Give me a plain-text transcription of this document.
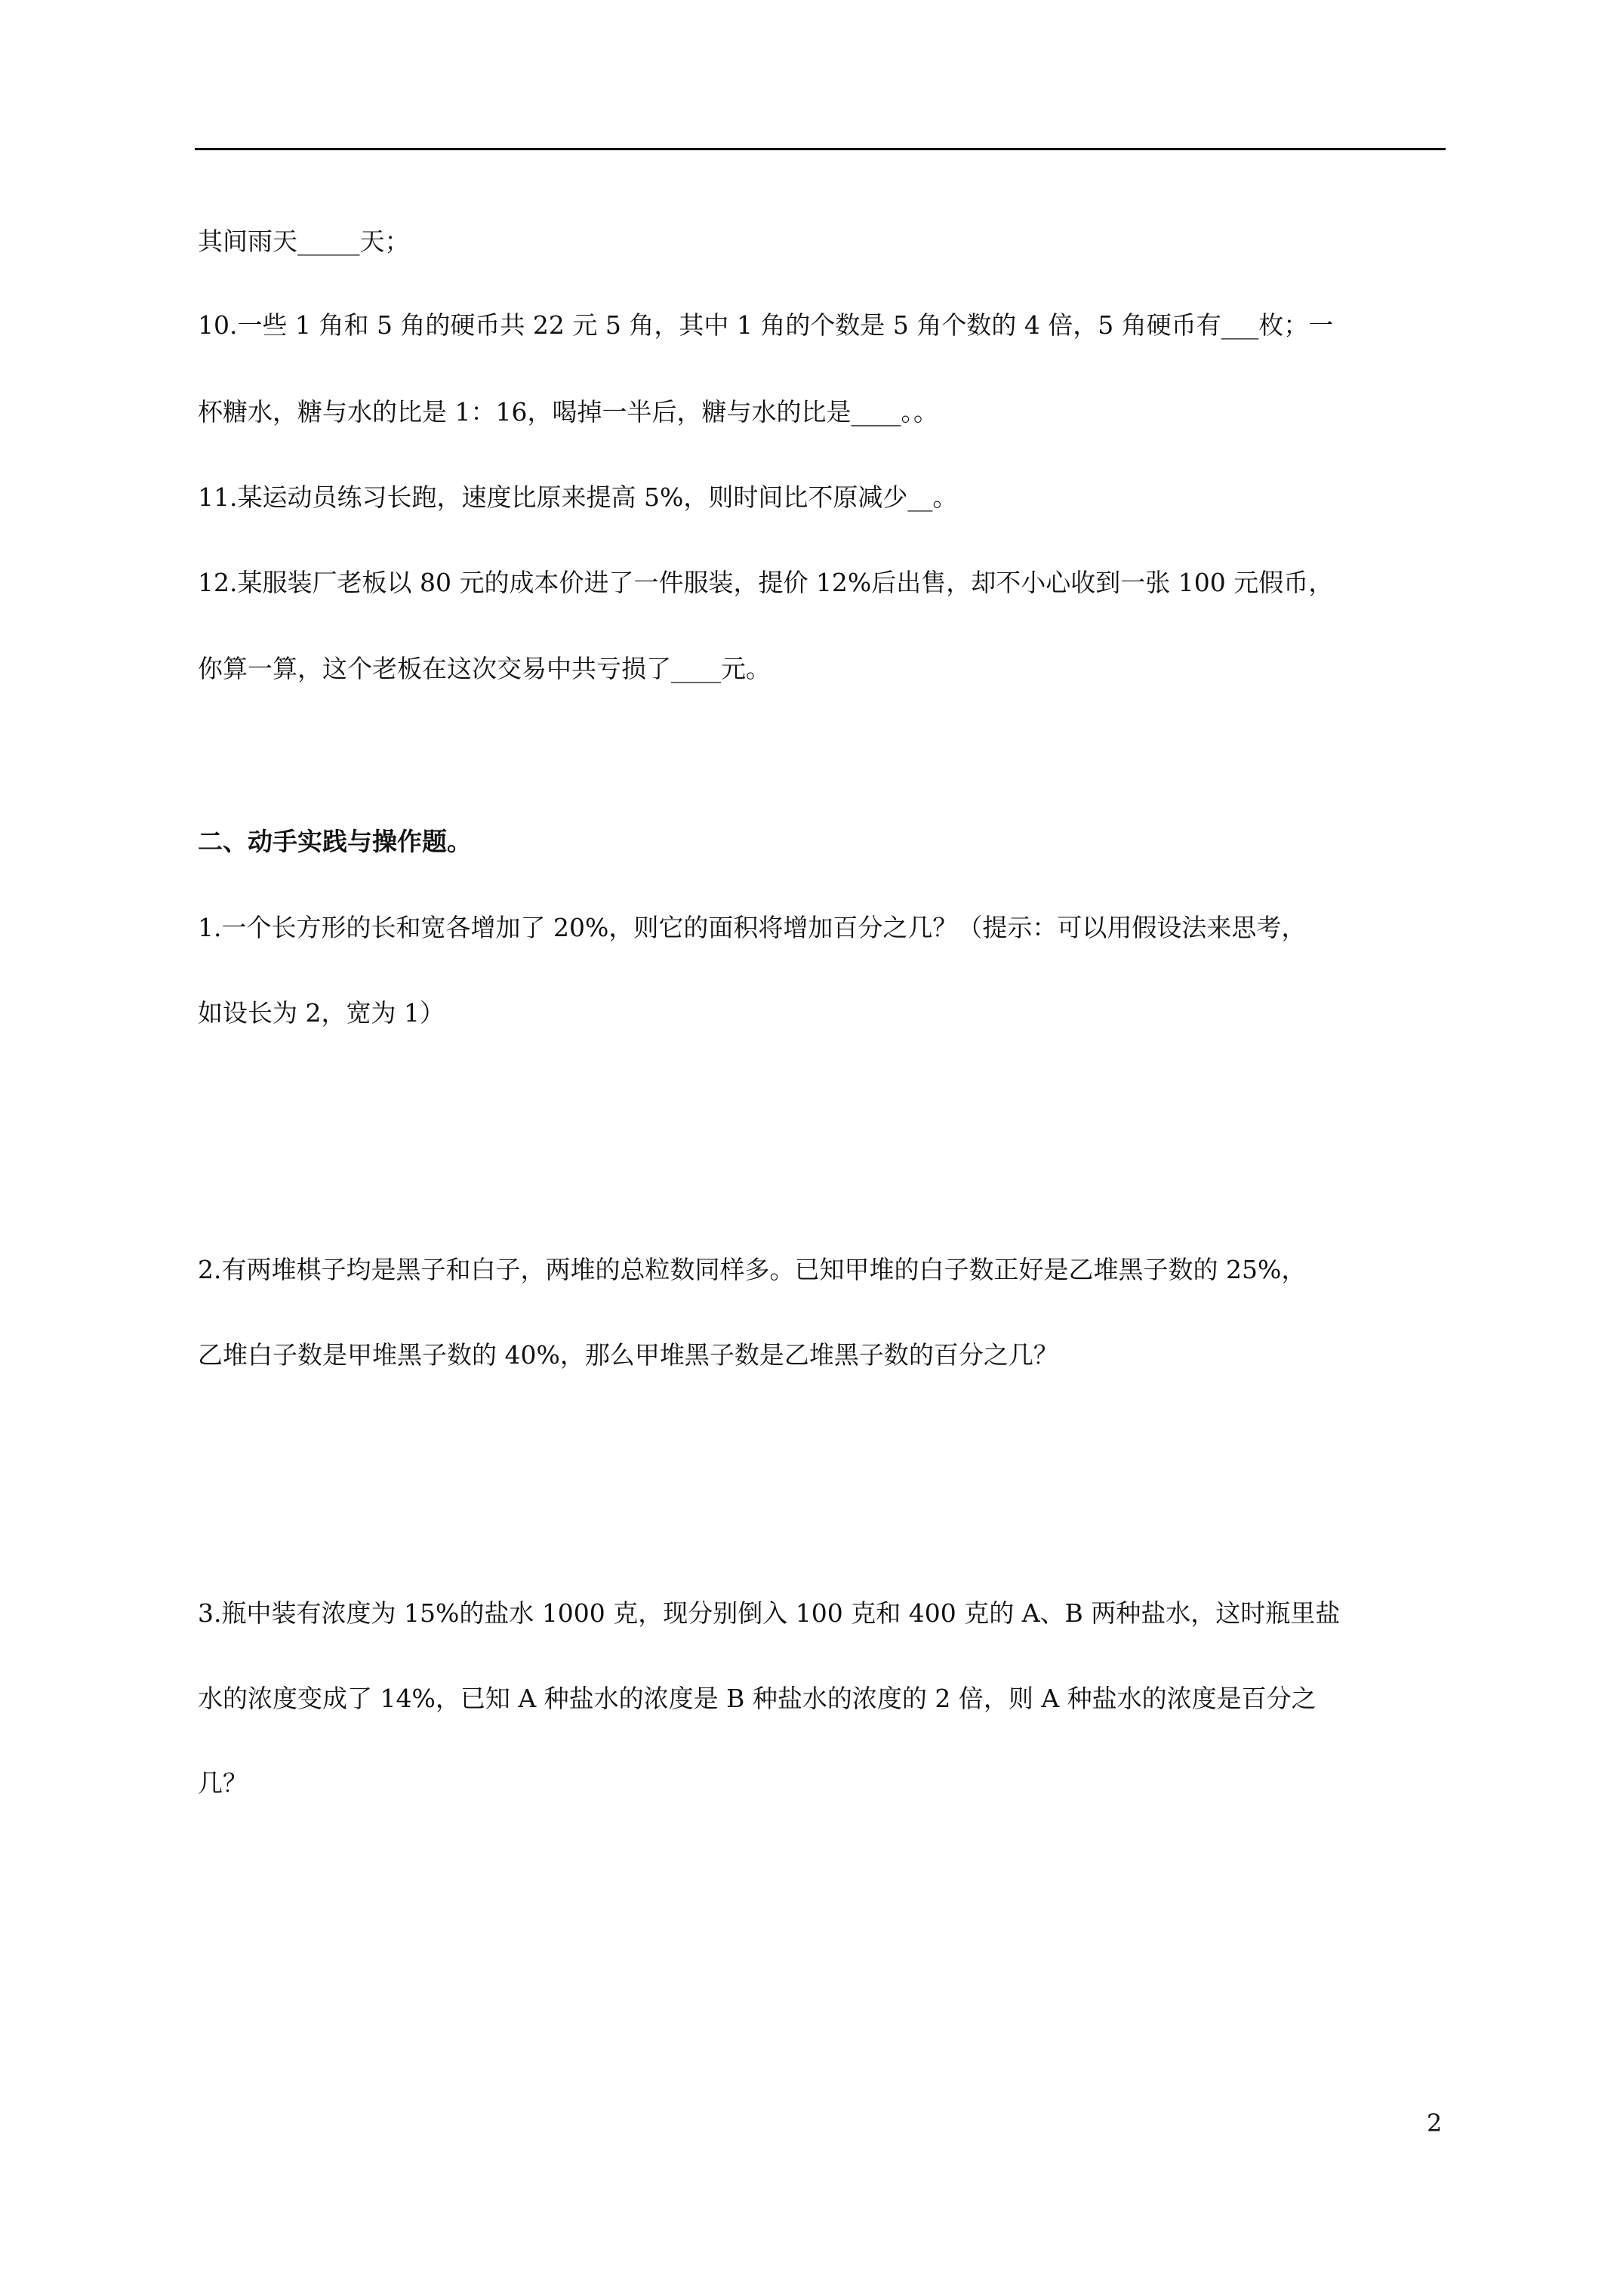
其间雨天_____天；

10.一些 1 角和 5 角的硬币共 22 元 5 角，其中 1 角的个数是 5 角个数的 4 倍，5 角硬币有___枚；一

杯糖水，糖与水的比是 1：16，喝掉一半后，糖与水的比是____。。

11.某运动员练习长跑，速度比原来提高 5%，则时间比不原减少__。

12.某服装厂老板以 80 元的成本价进了一件服装，提价 12%后出售，却不小心收到一张 100 元假币，

你算一算，这个老板在这次交易中共亏损了____元。

二、动手实践与操作题。

1.一个长方形的长和宽各增加了 20%，则它的面积将增加百分之几？（提示：可以用假设法来思考，

如设长为 2，宽为 1）

2.有两堆棋子均是黑子和白子，两堆的总粒数同样多。已知甲堆的白子数正好是乙堆黑子数的 25%，

乙堆白子数是甲堆黑子数的 40%，那么甲堆黑子数是乙堆黑子数的百分之几？

3.瓶中装有浓度为 15%的盐水 1000 克，现分别倒入 100 克和 400 克的 A、B 两种盐水，这时瓶里盐

水的浓度变成了 14%，已知 A 种盐水的浓度是 B 种盐水的浓度的 2 倍，则 A 种盐水的浓度是百分之

几？

2
